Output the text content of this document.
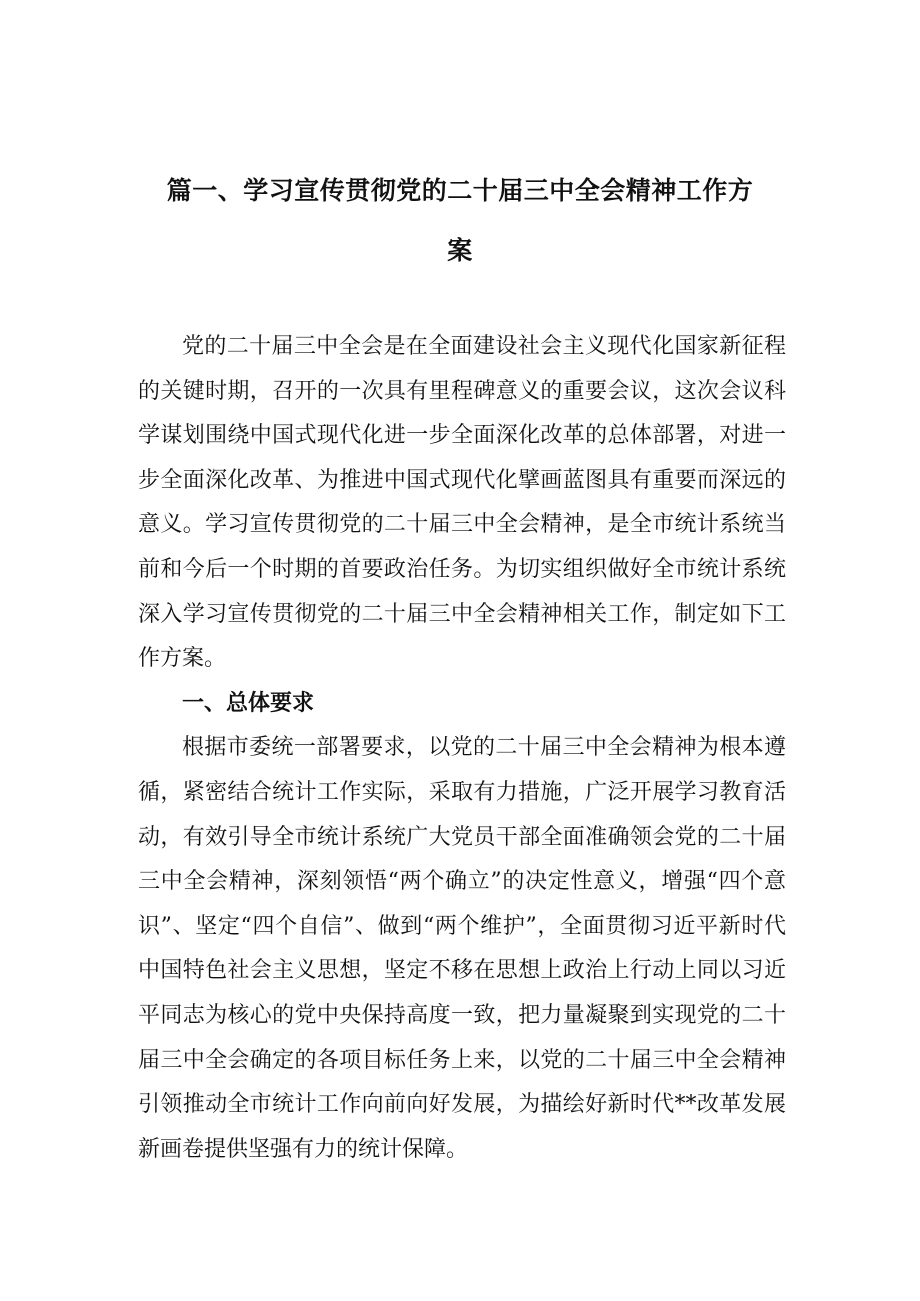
篇一、学习宣传贯彻党的二十届三中全会精神工作方
案

党的二十届三中全会是在全面建设社会主义现代化国家新征程的关键时期，召开的一次具有里程碑意义的重要会议，这次会议科学谋划围绕中国式现代化进一步全面深化改革的总体部署，对进一步全面深化改革、为推进中国式现代化擘画蓝图具有重要而深远的意义。学习宣传贯彻党的二十届三中全会精神，是全市统计系统当前和今后一个时期的首要政治任务。为切实组织做好全市统计系统深入学习宣传贯彻党的二十届三中全会精神相关工作，制定如下工作方案。

一、总体要求

根据市委统一部署要求，以党的二十届三中全会精神为根本遵循，紧密结合统计工作实际，采取有力措施，广泛开展学习教育活动，有效引导全市统计系统广大党员干部全面准确领会党的二十届三中全会精神，深刻领悟“两个确立”的决定性意义，增强“四个意识”、坚定“四个自信”、做到“两个维护”，全面贯彻习近平新时代中国特色社会主义思想，坚定不移在思想上政治上行动上同以习近平同志为核心的党中央保持高度一致，把力量凝聚到实现党的二十届三中全会确定的各项目标任务上来，以党的二十届三中全会精神引领推动全市统计工作向前向好发展，为描绘好新时代**改革发展新画卷提供坚强有力的统计保障。
